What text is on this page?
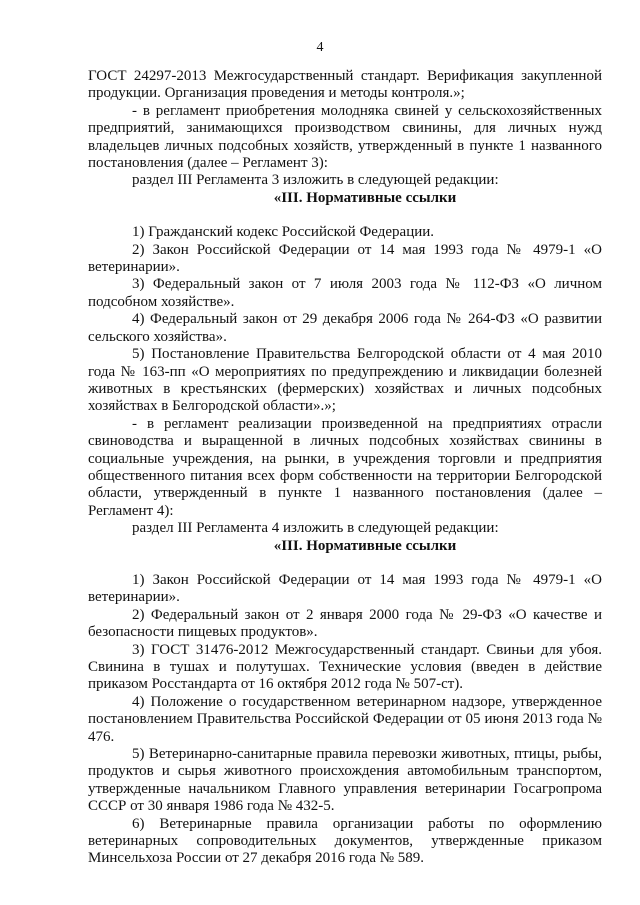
4

ГОСТ 24297-2013 Межгосударственный стандарт. Верификация закупленной продукции. Организация проведения и методы контроля.»;

- в регламент приобретения молодняка свиней у сельскохозяйственных предприятий, занимающихся производством свинины, для личных нужд владельцев личных подсобных хозяйств, утвержденный в пункте 1 названного постановления (далее – Регламент 3):

раздел III Регламента 3 изложить в следующей редакции:

«III. Нормативные ссылки

1) Гражданский кодекс Российской Федерации.

2) Закон Российской Федерации от 14 мая 1993 года № 4979-1 «О ветеринарии».

3) Федеральный закон от 7 июля 2003 года № 112-ФЗ «О личном подсобном хозяйстве».

4) Федеральный закон от 29 декабря 2006 года № 264-ФЗ «О развитии сельского хозяйства».

5) Постановление Правительства Белгородской области от 4 мая 2010 года № 163-пп «О мероприятиях по предупреждению и ликвидации болезней животных в крестьянских (фермерских) хозяйствах и личных подсобных хозяйствах в Белгородской области».»;

- в регламент реализации произведенной на предприятиях отрасли свиноводства и выращенной в личных подсобных хозяйствах свинины в социальные учреждения, на рынки, в учреждения торговли и предприятия общественного питания всех форм собственности на территории Белгородской области, утвержденный в пункте 1 названного постановления (далее – Регламент 4):

раздел III Регламента 4 изложить в следующей редакции:

«III. Нормативные ссылки

1) Закон Российской Федерации от 14 мая 1993 года № 4979-1 «О ветеринарии».

2) Федеральный закон от 2 января 2000 года № 29-ФЗ «О качестве и безопасности пищевых продуктов».

3) ГОСТ 31476-2012 Межгосударственный стандарт. Свиньи для убоя. Свинина в тушах и полутушах. Технические условия (введен в действие приказом Росстандарта от 16 октября 2012 года № 507-ст).

4) Положение о государственном ветеринарном надзоре, утвержденное постановлением Правительства Российской Федерации от 05 июня 2013 года № 476.

5) Ветеринарно-санитарные правила перевозки животных, птицы, рыбы, продуктов и сырья животного происхождения автомобильным транспортом, утвержденные начальником Главного управления ветеринарии Госагропрома СССР от 30 января 1986 года № 432-5.

6) Ветеринарные правила организации работы по оформлению ветеринарных сопроводительных документов, утвержденные приказом Минсельхоза России от 27 декабря 2016 года № 589.
